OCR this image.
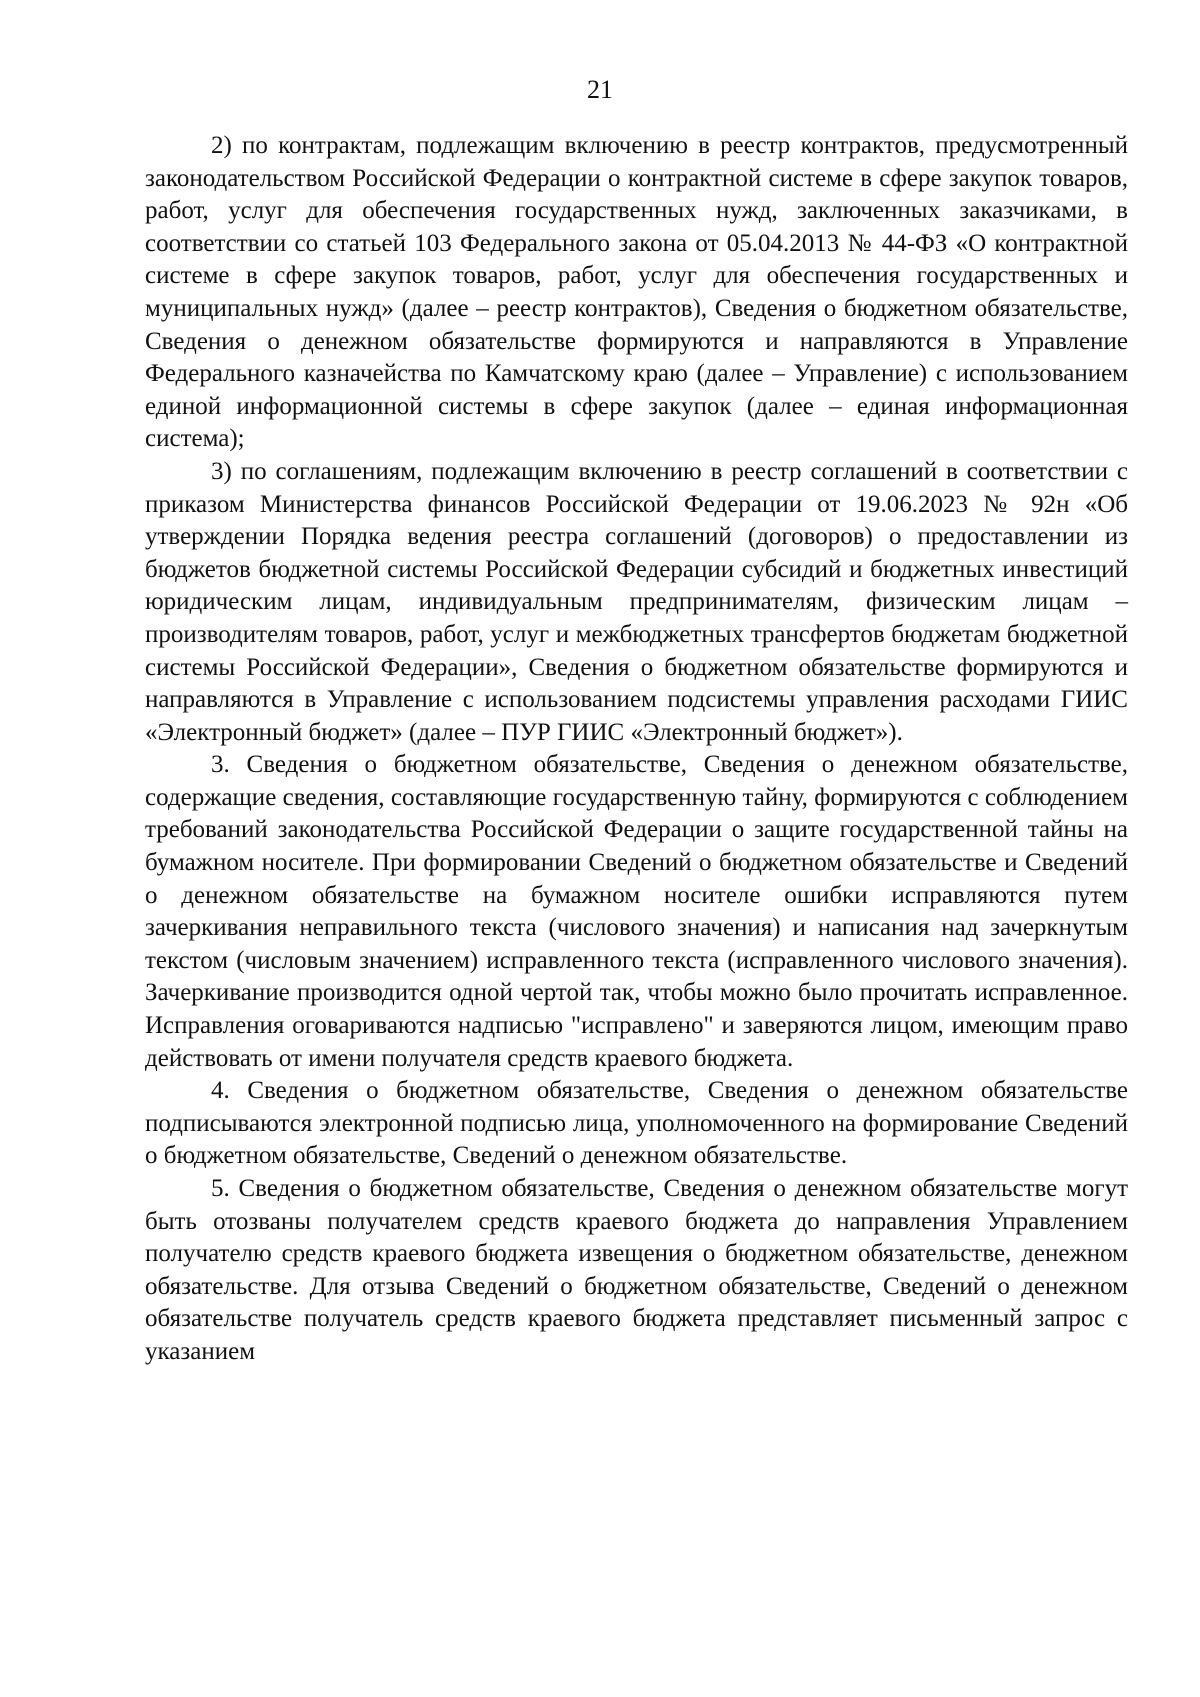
21

2) по контрактам, подлежащим включению в реестр контрактов, предусмотренный законодательством Российской Федерации о контрактной системе в сфере закупок товаров, работ, услуг для обеспечения государственных нужд, заключенных заказчиками, в соответствии со статьей 103 Федерального закона от 05.04.2013 № 44-ФЗ «О контрактной системе в сфере закупок товаров, работ, услуг для обеспечения государственных и муниципальных нужд» (далее – реестр контрактов), Сведения о бюджетном обязательстве, Сведения о денежном обязательстве формируются и направляются в Управление Федерального казначейства по Камчатскому краю (далее – Управление) с использованием единой информационной системы в сфере закупок (далее – единая информационная система);

3) по соглашениям, подлежащим включению в реестр соглашений в соответствии с приказом Министерства финансов Российской Федерации от 19.06.2023 № 92н «Об утверждении Порядка ведения реестра соглашений (договоров) о предоставлении из бюджетов бюджетной системы Российской Федерации субсидий и бюджетных инвестиций юридическим лицам, индивидуальным предпринимателям, физическим лицам – производителям товаров, работ, услуг и межбюджетных трансфертов бюджетам бюджетной системы Российской Федерации», Сведения о бюджетном обязательстве формируются и направляются в Управление с использованием подсистемы управления расходами ГИИС «Электронный бюджет» (далее – ПУР ГИИС «Электронный бюджет»).

3. Сведения о бюджетном обязательстве, Сведения о денежном обязательстве, содержащие сведения, составляющие государственную тайну, формируются с соблюдением требований законодательства Российской Федерации о защите государственной тайны на бумажном носителе. При формировании Сведений о бюджетном обязательстве и Сведений о денежном обязательстве на бумажном носителе ошибки исправляются путем зачеркивания неправильного текста (числового значения) и написания над зачеркнутым текстом (числовым значением) исправленного текста (исправленного числового значения). Зачеркивание производится одной чертой так, чтобы можно было прочитать исправленное. Исправления оговариваются надписью "исправлено" и заверяются лицом, имеющим право действовать от имени получателя средств краевого бюджета.

4. Сведения о бюджетном обязательстве, Сведения о денежном обязательстве подписываются электронной подписью лица, уполномоченного на формирование Сведений о бюджетном обязательстве, Сведений о денежном обязательстве.

5. Сведения о бюджетном обязательстве, Сведения о денежном обязательстве могут быть отозваны получателем средств краевого бюджета до направления Управлением получателю средств краевого бюджета извещения о бюджетном обязательстве, денежном обязательстве. Для отзыва Сведений о бюджетном обязательстве, Сведений о денежном обязательстве получатель средств краевого бюджета представляет письменный запрос с указанием
